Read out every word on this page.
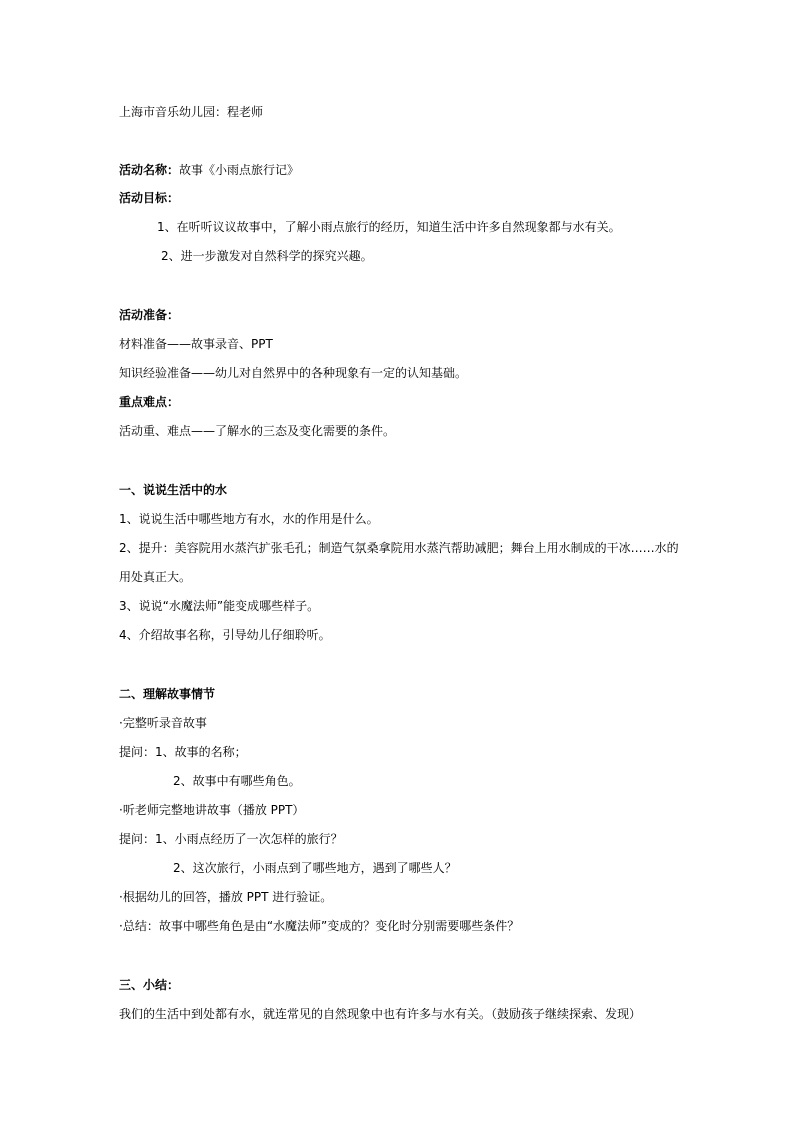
上海市音乐幼儿园：程老师
活动名称：故事《小雨点旅行记》
活动目标：
1、在听听议议故事中，了解小雨点旅行的经历，知道生活中许多自然现象都与水有关。
2、进一步激发对自然科学的探究兴趣。
活动准备：
材料准备——故事录音、PPT
知识经验准备——幼儿对自然界中的各种现象有一定的认知基础。
重点难点：
活动重、难点——了解水的三态及变化需要的条件。
一、说说生活中的水
1、说说生活中哪些地方有水，水的作用是什么。
2、提升：美容院用水蒸汽扩张毛孔；制造气氛桑拿院用水蒸汽帮助减肥；舞台上用水制成的干冰……水的
用处真正大。
3、说说“水魔法师”能变成哪些样子。
4、介绍故事名称，引导幼儿仔细聆听。
二、理解故事情节
·完整听录音故事
提问：1、故事的名称；
2、故事中有哪些角色。
·听老师完整地讲故事（播放 PPT）
提问：1、小雨点经历了一次怎样的旅行？
2、这次旅行，小雨点到了哪些地方，遇到了哪些人？
·根据幼儿的回答，播放 PPT 进行验证。
·总结：故事中哪些角色是由“水魔法师”变成的？变化时分别需要哪些条件？
三、小结：
我们的生活中到处都有水，就连常见的自然现象中也有许多与水有关。（鼓励孩子继续探索、发现）
